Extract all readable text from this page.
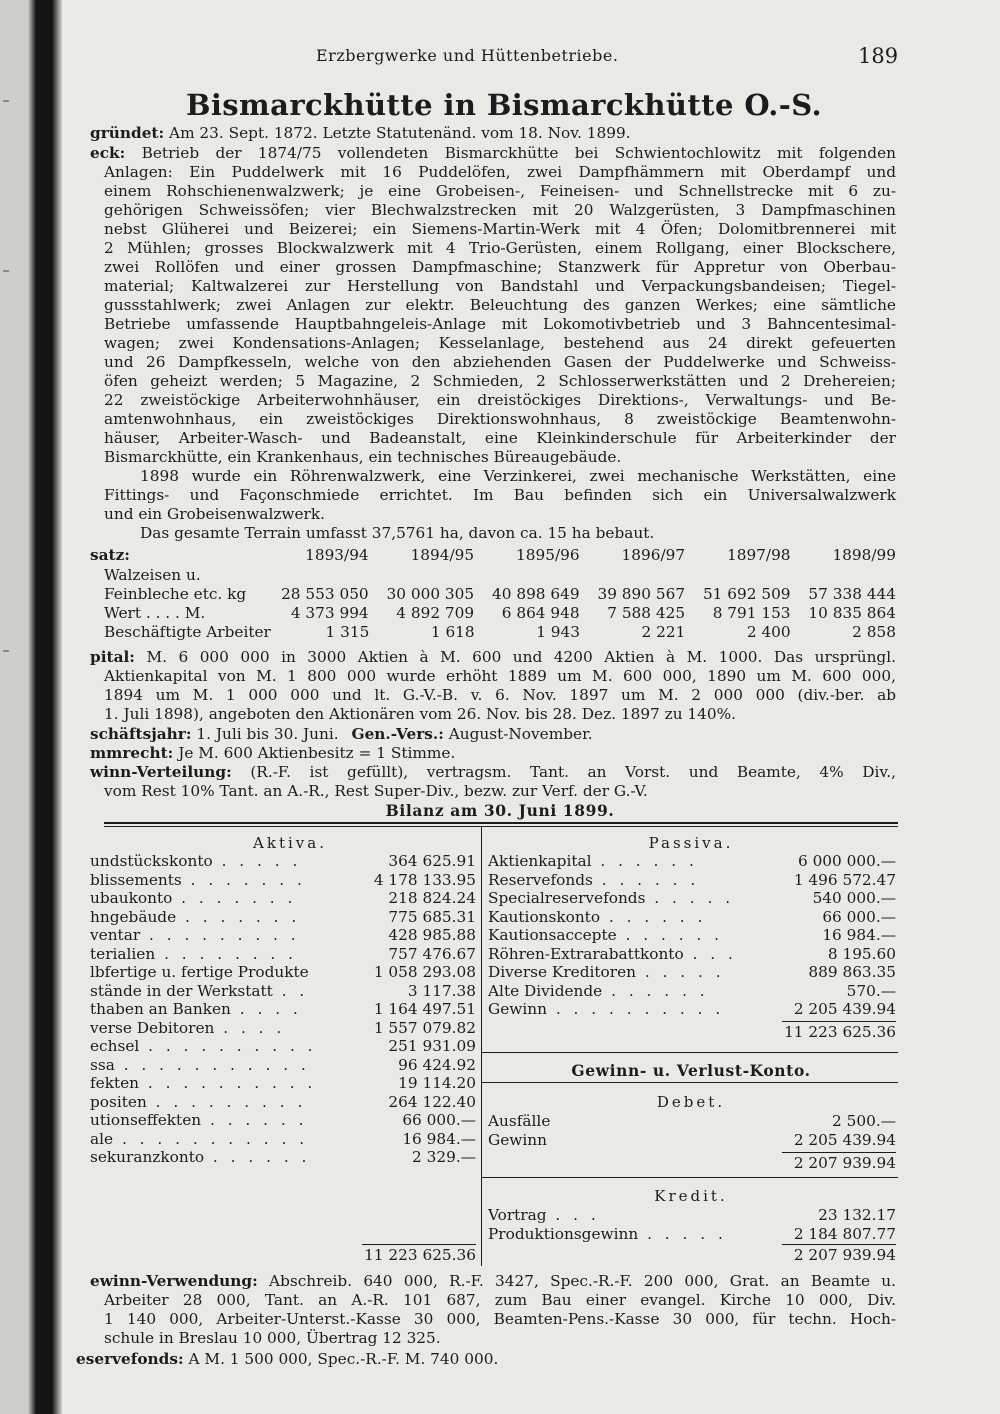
Erzbergwerke und Hüttenbetriebe.	189
Bismarckhütte in Bismarckhütte O.-S.
gründet: Am 23. Sept. 1872. Letzte Statutenänd. vom 18. Nov. 1899.
eck: Betrieb der 1874/75 vollendeten Bismarckhütte bei Schwientochlowitz mit folgenden
Anlagen: Ein Puddelwerk mit 16 Puddelöfen, zwei Dampfhämmern mit Oberdampf und
einem Rohschienenwalzwerk; je eine Grobeisen-, Feineisen- und Schnellstrecke mit 6 zu-
gehörigen Schweissöfen; vier Blechwalzstrecken mit 20 Walzgerüsten, 3 Dampfmaschinen
nebst Glüherei und Beizerei; ein Siemens-Martin-Werk mit 4 Öfen; Dolomitbrennerei mit
2 Mühlen; grosses Blockwalzwerk mit 4 Trio-Gerüsten, einem Rollgang, einer Blockschere,
zwei Rollöfen und einer grossen Dampfmaschine; Stanzwerk für Appretur von Oberbau-
material; Kaltwalzerei zur Herstellung von Bandstahl und Verpackungsbandeisen; Tiegel-
gussstahlwerk; zwei Anlagen zur elektr. Beleuchtung des ganzen Werkes; eine sämtliche
Betriebe umfassende Hauptbahngeleis-Anlage mit Lokomotivbetrieb und 3 Bahncentesimal-
wagen; zwei Kondensations-Anlagen; Kesselanlage, bestehend aus 24 direkt gefeuerten
und 26 Dampfkesseln, welche von den abziehenden Gasen der Puddelwerke und Schweiss-
öfen geheizt werden; 5 Magazine, 2 Schmieden, 2 Schlosserwerkstätten und 2 Drehereien;
22 zweistöckige Arbeiterwohnhäuser, ein dreistöckiges Direktions-, Verwaltungs- und Be-
amtenwohnhaus, ein zweistöckiges Direktionswohnhaus, 8 zweistöckige Beamtenwohn-
häuser, Arbeiter-Wasch- und Badeanstalt, eine Kleinkinderschule für Arbeiterkinder der
Bismarckhütte, ein Krankenhaus, ein technisches Büreaugebäude.
1898 wurde ein Röhrenwalzwerk, eine Verzinkerei, zwei mechanische Werkstätten, eine
Fittings- und Façonschmiede errichtet. Im Bau befinden sich ein Universalwalzwerk
und ein Grobeisenwalzwerk.
Das gesamte Terrain umfasst 37,5761 ha, davon ca. 15 ha bebaut.
satz:	1893/94	1894/95	1895/96	1896/97	1897/98	1898/99
Walzeisen u.
Feinbleche etc. kg	28 553 050	30 000 305	40 898 649	39 890 567	51 692 509	57 338 444
Wert . . . . M.	4 373 994	4 892 709	6 864 948	7 588 425	8 791 153	10 835 864
Beschäftigte Arbeiter	1 315	1 618	1 943	2 221	2 400	2 858
pital: M. 6 000 000 in 3000 Aktien à M. 600 und 4200 Aktien à M. 1000. Das ursprüngl.
Aktienkapital von M. 1 800 000 wurde erhöht 1889 um M. 600 000, 1890 um M. 600 000,
1894 um M. 1 000 000 und lt. G.-V.-B. v. 6. Nov. 1897 um M. 2 000 000 (div.-ber. ab
1. Juli 1898), angeboten den Aktionären vom 26. Nov. bis 28. Dez. 1897 zu 140%.
schäftsjahr: 1. Juli bis 30. Juni. Gen.-Vers.: August-November.
mmrecht: Je M. 600 Aktienbesitz = 1 Stimme.
winn-Verteilung: (R.-F. ist gefüllt), vertragsm. Tant. an Vorst. und Beamte, 4% Div.,
vom Rest 10% Tant. an A.-R., Rest Super-Div., bezw. zur Verf. der G.-V.
Bilanz am 30. Juni 1899.
Aktiva.
undstückskonto . . . . .	364 625.91
blissements . . . . . . .	4 178 133.95
ubaukonto . . . . . . .	218 824.24
hngebäude . . . . . . .	775 685.31
ventar . . . . . . . . .	428 985.88
terialien . . . . . . . .	757 476.67
lbfertige u. fertige Produkte	1 058 293.08
stände in der Werkstatt . .	3 117.38
thaben an Banken . . . .	1 164 497.51
verse Debitoren . . . .	1 557 079.82
echsel . . . . . . . . . .	251 931.09
ssa . . . . . . . . . . .	96 424.92
fekten . . . . . . . . . .	19 114.20
positen . . . . . . . . .	264 122.40
utionseffekten . . . . . .	66 000.—
ale . . . . . . . . . . .	16 984.—
sekuranzkonto . . . . . .	2 329.—
11 223 625.36
Passiva.
Aktienkapital . . . . . .	6 000 000.—
Reservefonds . . . . . .	1 496 572.47
Specialreservefonds . . . . .	540 000.—
Kautionskonto . . . . . .	66 000.—
Kautionsaccepte . . . . . .	16 984.—
Röhren-Extrarabattkonto . . .	8 195.60
Diverse Kreditoren . . . . .	889 863.35
Alte Dividende . . . . . .	570.—
Gewinn . . . . . . . . . .	2 205 439.94
11 223 625.36
Gewinn- u. Verlust-Konto.
Debet.
Ausfälle	2 500.—
Gewinn	2 205 439.94
2 207 939.94
Kredit.
Vortrag . . .	23 132.17
Produktionsgewinn . . . . .	2 184 807.77
2 207 939.94
ewinn-Verwendung: Abschreib. 640 000, R.-F. 3427, Spec.-R.-F. 200 000, Grat. an Beamte u.
Arbeiter 28 000, Tant. an A.-R. 101 687, zum Bau einer evangel. Kirche 10 000, Div.
1 140 000, Arbeiter-Unterst.-Kasse 30 000, Beamten-Pens.-Kasse 30 000, für techn. Hoch-
schule in Breslau 10 000, Übertrag 12 325.
eservefonds: A M. 1 500 000, Spec.-R.-F. M. 740 000.
